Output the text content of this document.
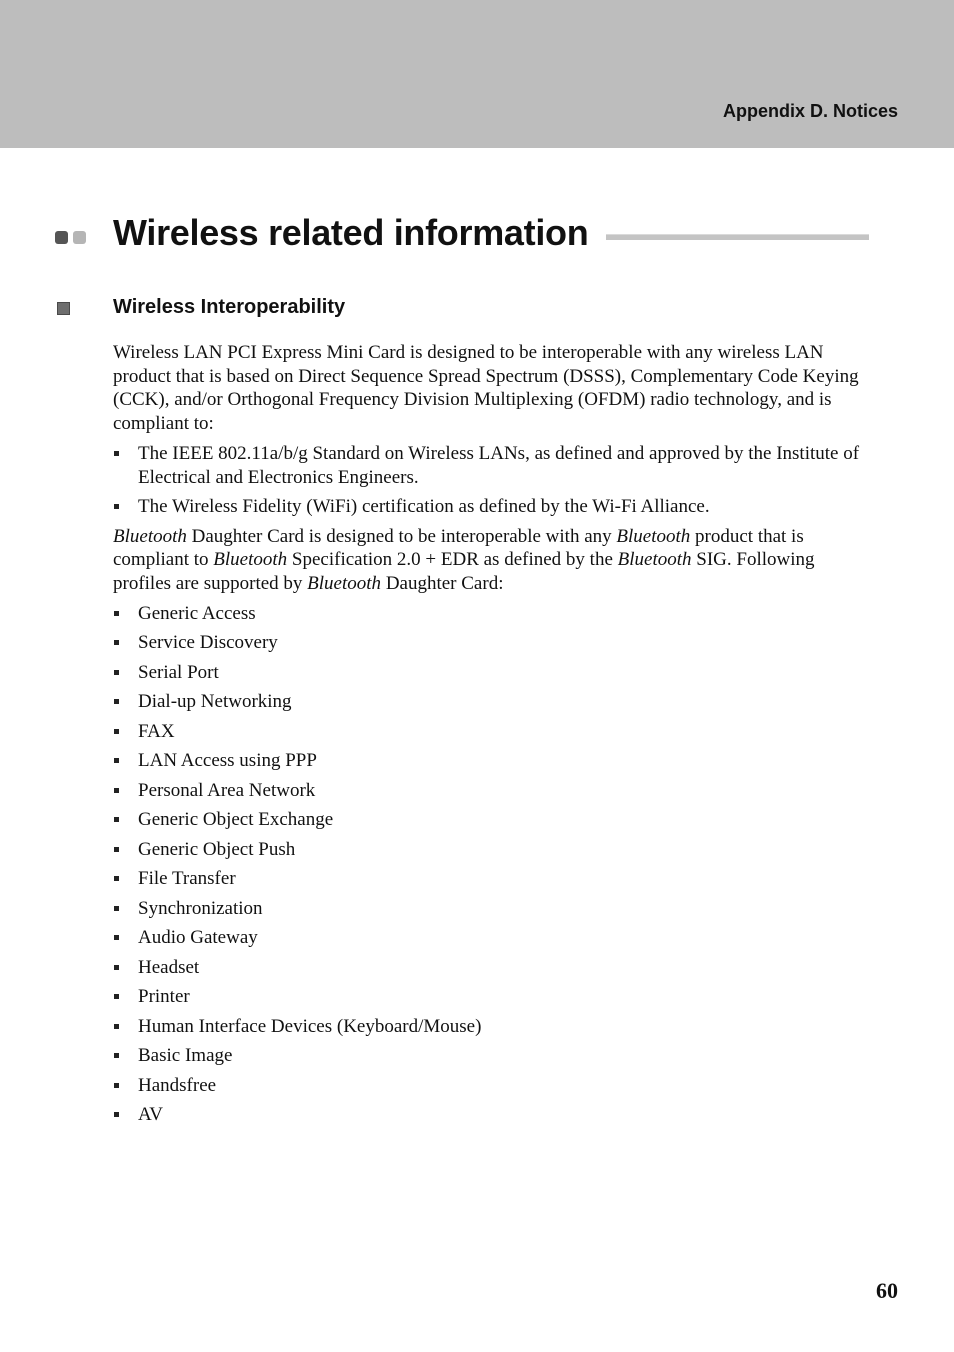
Appendix D. Notices
Wireless related information
Wireless Interoperability

Wireless LAN PCI Express Mini Card is designed to be interoperable with any wireless LAN product that is based on Direct Sequence Spread Spectrum (DSSS), Complementary Code Keying (CCK), and/or Orthogonal Frequency Division Multiplexing (OFDM) radio technology, and is compliant to:

The IEEE 802.11a/b/g Standard on Wireless LANs, as defined and approved by the Institute of Electrical and Electronics Engineers.
The Wireless Fidelity (WiFi) certification as defined by the Wi-Fi Alliance.

Bluetooth Daughter Card is designed to be interoperable with any Bluetooth product that is compliant to Bluetooth Specification 2.0 + EDR as defined by the Bluetooth SIG. Following profiles are supported by Bluetooth Daughter Card:

Generic Access
Service Discovery
Serial Port
Dial-up Networking
FAX
LAN Access using PPP
Personal Area Network
Generic Object Exchange
Generic Object Push
File Transfer
Synchronization
Audio Gateway
Headset
Printer
Human Interface Devices (Keyboard/Mouse)
Basic Image
Handsfree
AV
60
